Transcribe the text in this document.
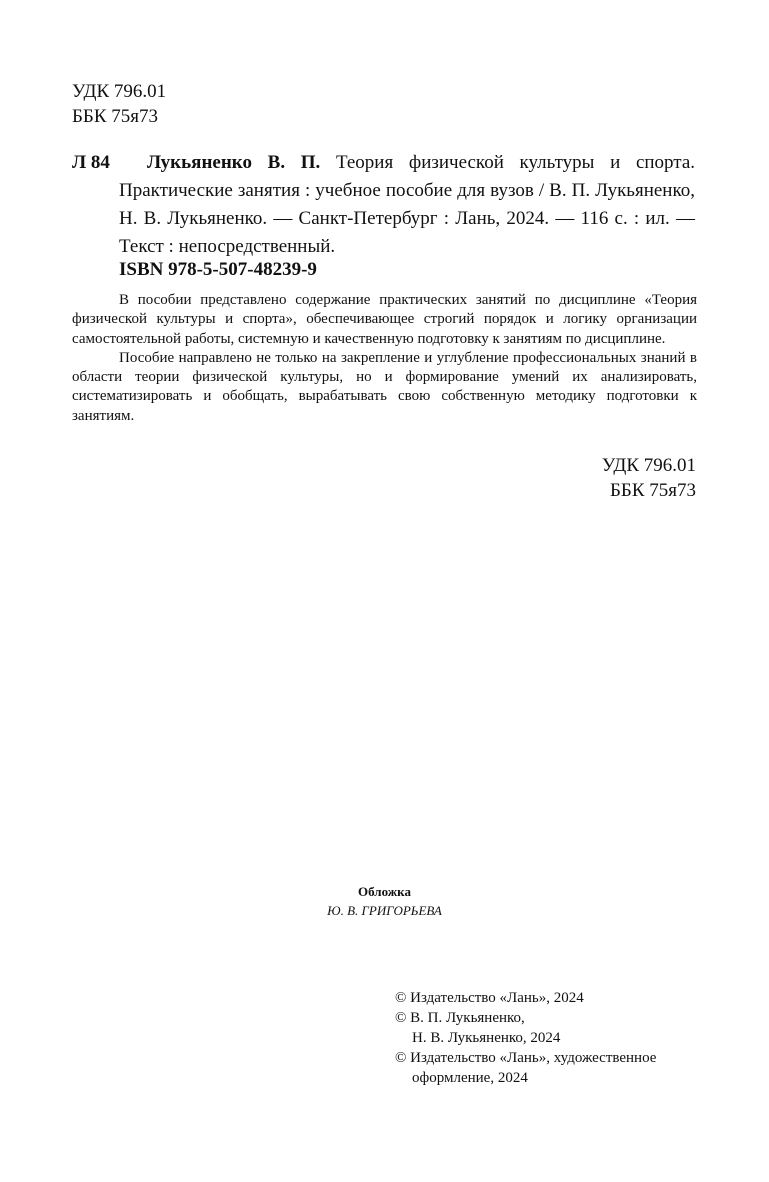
УДК 796.01
ББК 75я73
Л 84	Лукьяненко В. П. Теория физической культуры и спорта. Практические занятия : учебное пособие для вузов / В. П. Лукьяненко, Н. В. Лукьяненко. — Санкт-Петербург : Лань, 2024. — 116 с. : ил. — Текст : непосредственный.
ISBN 978-5-507-48239-9

В пособии представлено содержание практических занятий по дисциплине «Теория физической культуры и спорта», обеспечивающее строгий порядок и логику организации самостоятельной работы, системную и качественную подготовку к занятиям по дисциплине.

Пособие направлено не только на закрепление и углубление профессиональных знаний в области теории физической культуры, но и формирование умений их анализировать, систематизировать и обобщать, вырабатывать свою собственную методику подготовки к занятиям.

УДК 796.01
ББК 75я73
Обложка
Ю. В. ГРИГОРЬЕВА
© Издательство «Лань», 2024
© В. П. Лукьяненко,
Н. В. Лукьяненко, 2024
© Издательство «Лань», художественное
оформление, 2024
